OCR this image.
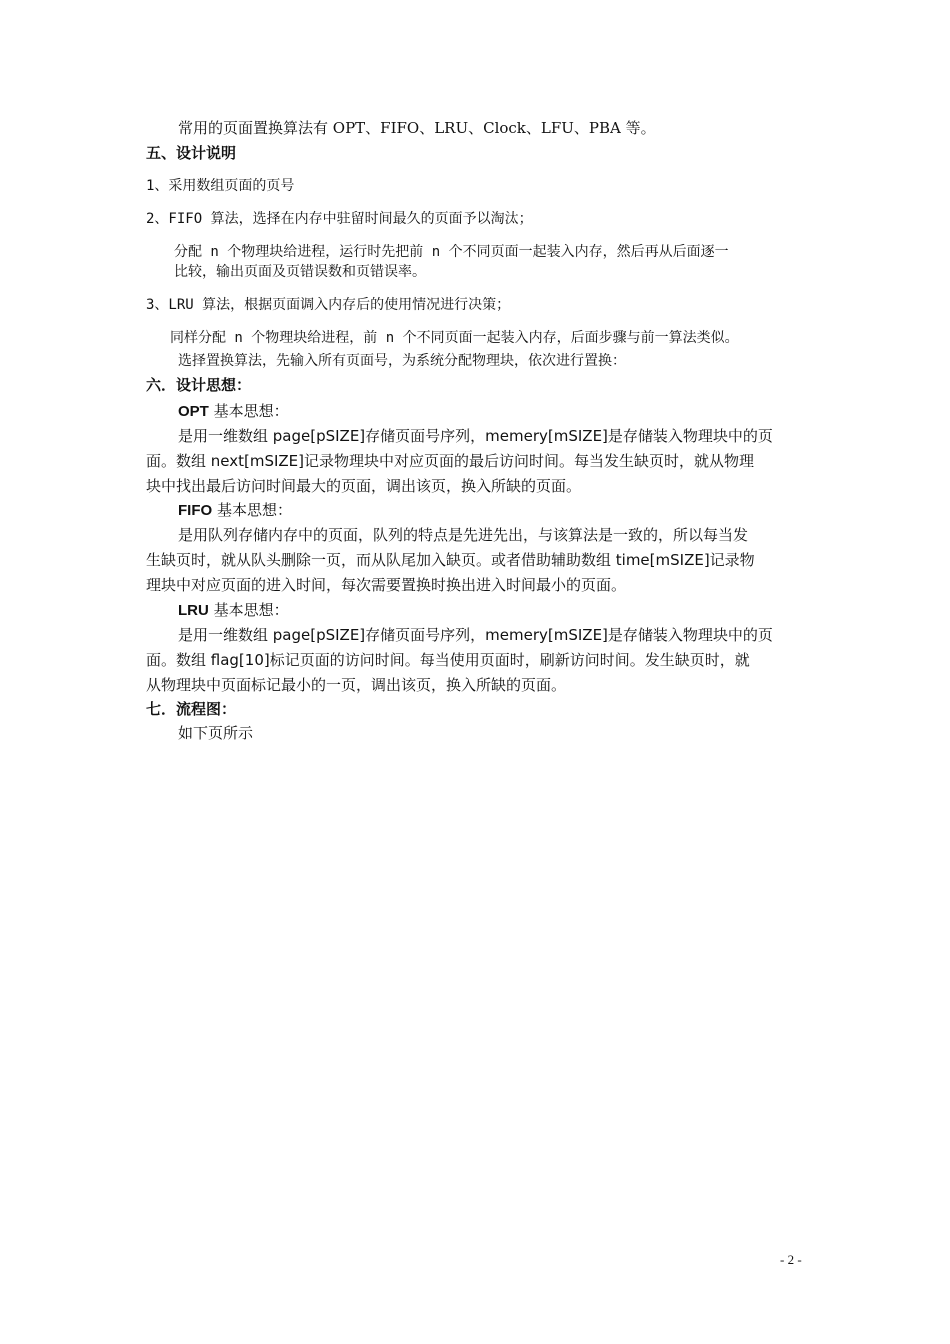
常用的页面置换算法有 OPT、FIFO、LRU、Clock、LFU、PBA 等。
五、设计说明
1、采用数组页面的页号
2、FIFO 算法，选择在内存中驻留时间最久的页面予以淘汰；
分配 n 个物理块给进程，运行时先把前 n 个不同页面一起装入内存，然后再从后面逐一
比较，输出页面及页错误数和页错误率。
3、LRU 算法，根据页面调入内存后的使用情况进行决策；
同样分配 n 个物理块给进程，前 n 个不同页面一起装入内存，后面步骤与前一算法类似。
选择置换算法，先输入所有页面号，为系统分配物理块，依次进行置换：
六．设计思想：
OPT 基本思想：
是用一维数组 page[pSIZE]存储页面号序列，memery[mSIZE]是存储装入物理块中的页
面。数组 next[mSIZE]记录物理块中对应页面的最后访问时间。每当发生缺页时，就从物理
块中找出最后访问时间最大的页面，调出该页，换入所缺的页面。
FIFO 基本思想：
是用队列存储内存中的页面，队列的特点是先进先出，与该算法是一致的，所以每当发
生缺页时，就从队头删除一页，而从队尾加入缺页。或者借助辅助数组 time[mSIZE]记录物
理块中对应页面的进入时间，每次需要置换时换出进入时间最小的页面。
LRU 基本思想：
是用一维数组 page[pSIZE]存储页面号序列，memery[mSIZE]是存储装入物理块中的页
面。数组 flag[10]标记页面的访问时间。每当使用页面时，刷新访问时间。发生缺页时，就
从物理块中页面标记最小的一页，调出该页，换入所缺的页面。
七．流程图：
如下页所示
- 2 -
